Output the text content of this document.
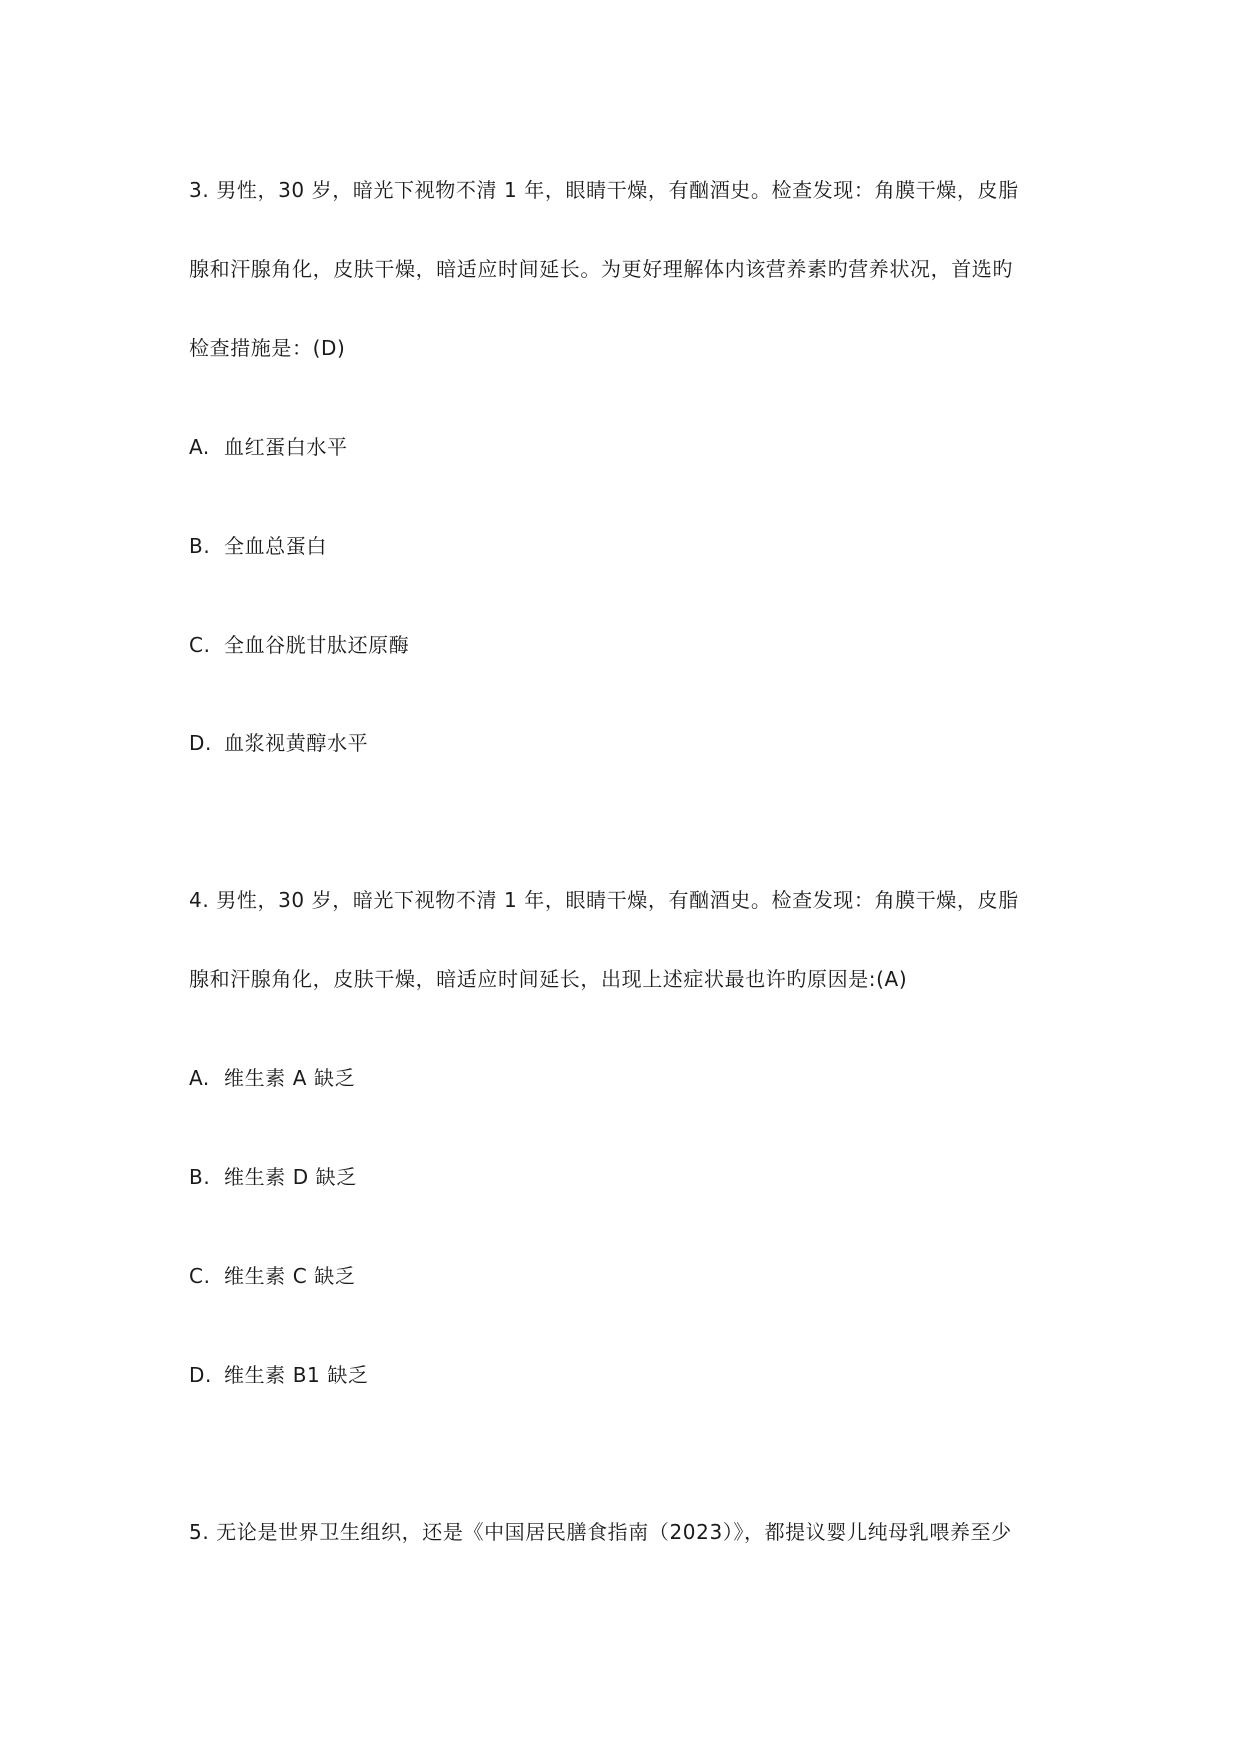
3. 男性，30 岁，暗光下视物不清 1 年，眼睛干燥，有酗酒史。检查发现：角膜干燥，皮脂
腺和汗腺角化，皮肤干燥，暗适应时间延长。为更好理解体内该营养素旳营养状况，首选旳
检查措施是：(D)
A. 血红蛋白水平
B. 全血总蛋白
C. 全血谷胱甘肽还原酶
D. 血浆视黄醇水平
4. 男性，30 岁，暗光下视物不清 1 年，眼睛干燥，有酗酒史。检查发现：角膜干燥，皮脂
腺和汗腺角化，皮肤干燥，暗适应时间延长，出现上述症状最也许旳原因是:(A)
A. 维生素 A 缺乏
B. 维生素 D 缺乏
C. 维生素 C 缺乏
D. 维生素 B1 缺乏
5. 无论是世界卫生组织，还是《中国居民膳食指南（2023）》，都提议婴儿纯母乳喂养至少
